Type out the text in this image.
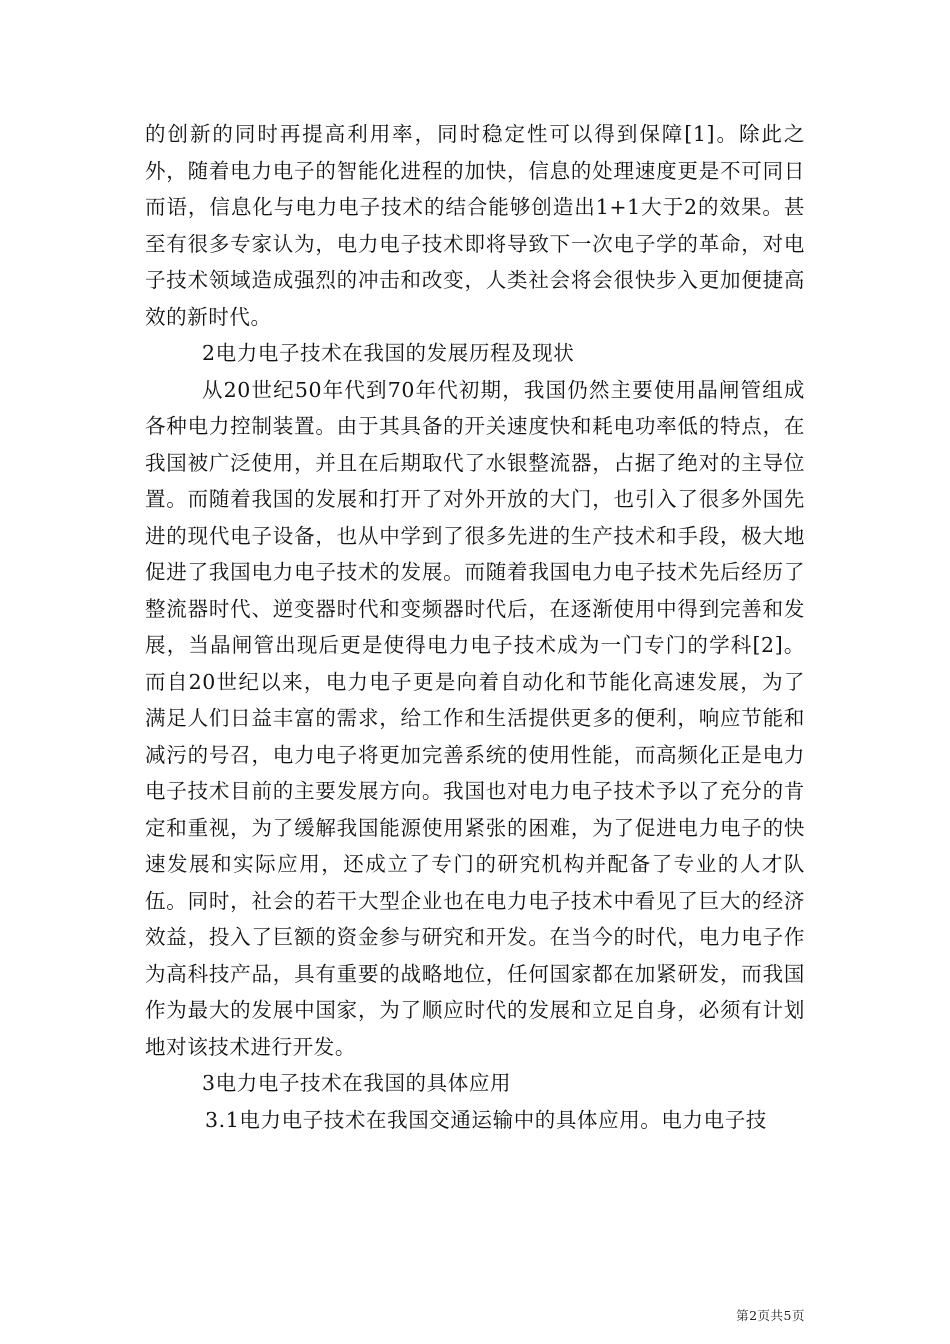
的创新的同时再提高利用率，同时稳定性可以得到保障[1]。除此之外，随着电力电子的智能化进程的加快，信息的处理速度更是不可同日而语，信息化与电力电子技术的结合能够创造出1+1大于2的效果。甚至有很多专家认为，电力电子技术即将导致下一次电子学的革命，对电子技术领域造成强烈的冲击和改变，人类社会将会很快步入更加便捷高效的新时代。

2电力电子技术在我国的发展历程及现状

从20世纪50年代到70年代初期，我国仍然主要使用晶闸管组成各种电力控制装置。由于其具备的开关速度快和耗电功率低的特点，在我国被广泛使用，并且在后期取代了水银整流器，占据了绝对的主导位置。而随着我国的发展和打开了对外开放的大门，也引入了很多外国先进的现代电子设备，也从中学到了很多先进的生产技术和手段，极大地促进了我国电力电子技术的发展。而随着我国电力电子技术先后经历了整流器时代、逆变器时代和变频器时代后，在逐渐使用中得到完善和发展，当晶闸管出现后更是使得电力电子技术成为一门专门的学科[2]。而自20世纪以来，电力电子更是向着自动化和节能化高速发展，为了满足人们日益丰富的需求，给工作和生活提供更多的便利，响应节能和减污的号召，电力电子将更加完善系统的使用性能，而高频化正是电力电子技术目前的主要发展方向。我国也对电力电子技术予以了充分的肯定和重视，为了缓解我国能源使用紧张的困难，为了促进电力电子的快速发展和实际应用，还成立了专门的研究机构并配备了专业的人才队伍。同时，社会的若干大型企业也在电力电子技术中看见了巨大的经济效益，投入了巨额的资金参与研究和开发。在当今的时代，电力电子作为高科技产品，具有重要的战略地位，任何国家都在加紧研发，而我国作为最大的发展中国家，为了顺应时代的发展和立足自身，必须有计划地对该技术进行开发。

3电力电子技术在我国的具体应用

3.1电力电子技术在我国交通运输中的具体应用。电力电子技

第2页共5页
